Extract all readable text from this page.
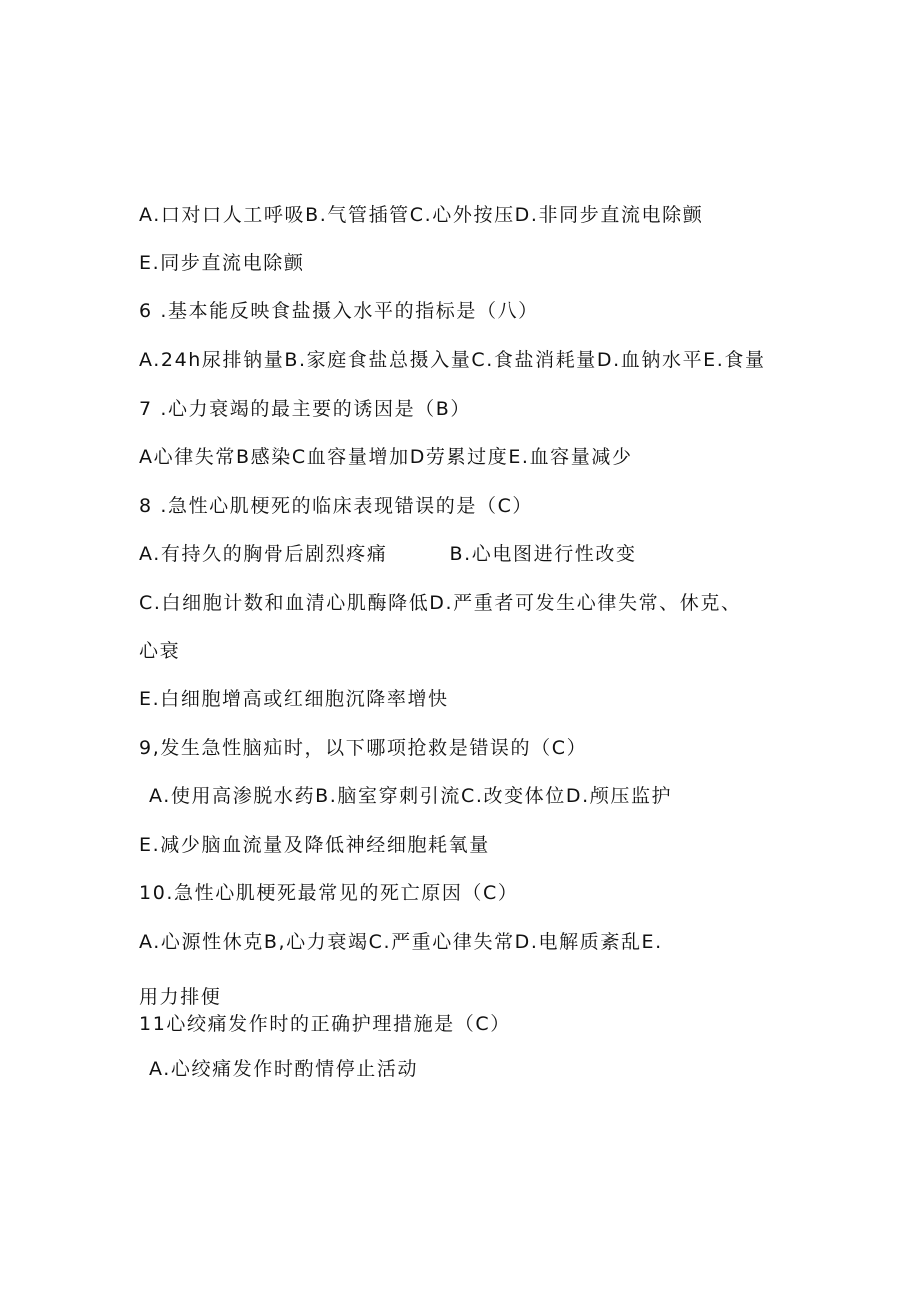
A.口对口人工呼吸B.气管插管C.心外按压D.非同步直流电除颤
E.同步直流电除颤
6 .基本能反映食盐摄入水平的指标是（八）
A.24h尿排钠量B.家庭食盐总摄入量C.食盐消耗量D.血钠水平E.食量
7 .心力衰竭的最主要的诱因是（B）
A心律失常B感染C血容量增加D劳累过度E.血容量减少
8 .急性心肌梗死的临床表现错误的是（C）
A.有持久的胸骨后剧烈疼痛	B.心电图进行性改变
C.白细胞计数和血清心肌酶降低D.严重者可发生心律失常、休克、
心衰
E.白细胞增高或红细胞沉降率增快
9,发生急性脑疝时，以下哪项抢救是错误的（C）
A.使用高渗脱水药B.脑室穿刺引流C.改变体位D.颅压监护
E.减少脑血流量及降低神经细胞耗氧量
10.急性心肌梗死最常见的死亡原因（C）
A.心源性休克B,心力衰竭C.严重心律失常D.电解质紊乱E.
用力排便
11心绞痛发作时的正确护理措施是（C）
A.心绞痛发作时酌情停止活动
